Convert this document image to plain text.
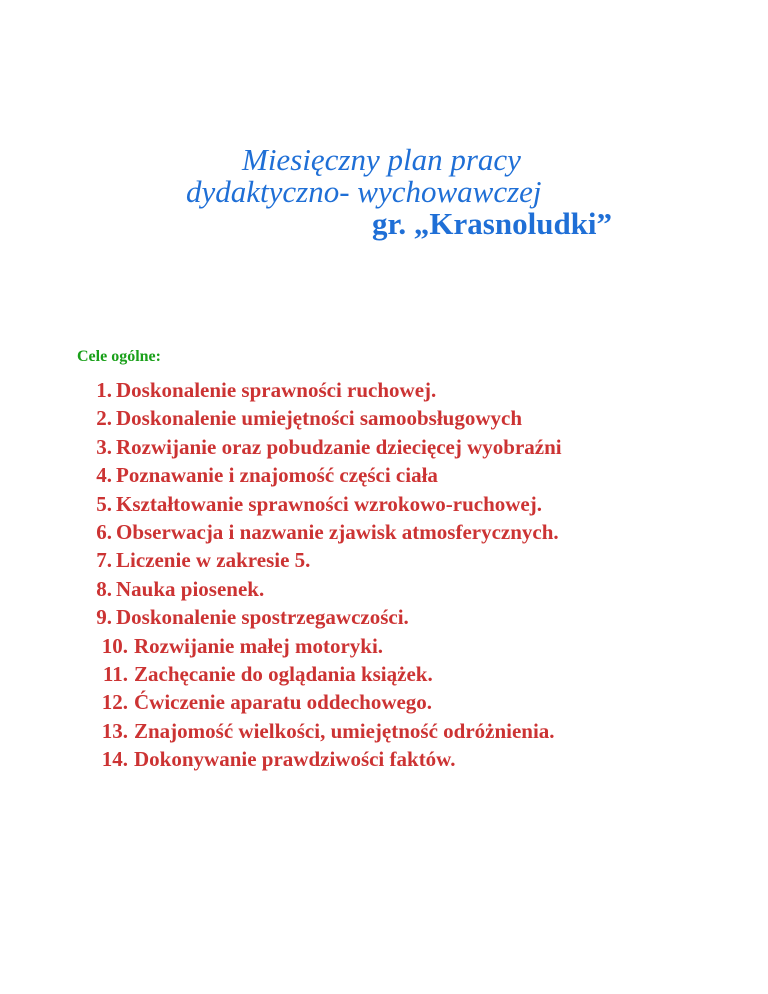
Miesięczny plan pracy
dydaktyczno- wychowawczej
gr. „Krasnoludki”
Cele ogólne:
1. Doskonalenie sprawności ruchowej.
2. Doskonalenie umiejętności samoobsługowych
3. Rozwijanie oraz pobudzanie dziecięcej wyobraźni
4. Poznawanie i znajomość części ciała
5. Kształtowanie sprawności wzrokowo-ruchowej.
6. Obserwacja i nazwanie zjawisk atmosferycznych.
7. Liczenie w zakresie 5.
8. Nauka piosenek.
9. Doskonalenie spostrzegawczości.
10. Rozwijanie małej motoryki.
11. Zachęcanie do oglądania książek.
12. Ćwiczenie aparatu oddechowego.
13. Znajomość wielkości, umiejętność odróżnienia.
14. Dokonywanie prawdziwości faktów.
